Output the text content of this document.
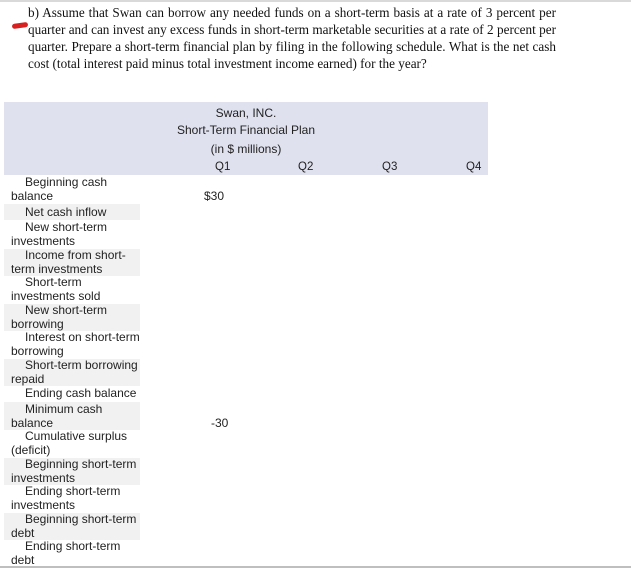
b) Assume that Swan can borrow any needed funds on a short-term basis at a rate of 3 percent per quarter and can invest any excess funds in short-term marketable securities at a rate of 2 percent per quarter. Prepare a short-term financial plan by filing in the following schedule. What is the net cash cost (total interest paid minus total investment income earned) for the year?
Swan, INC.
Short-Term Financial Plan
(in $ millions)
Q1	Q2	Q3	Q4
Beginning cash balance	$30
Net cash inflow
New short-term investments
Income from short-term investments
Short-term investments sold
New short-term borrowing
Interest on short-term borrowing
Short-term borrowing repaid
Ending cash balance
Minimum cash balance	-30
Cumulative surplus (deficit)
Beginning short-term investments
Ending short-term investments
Beginning short-term debt
Ending short-term debt
